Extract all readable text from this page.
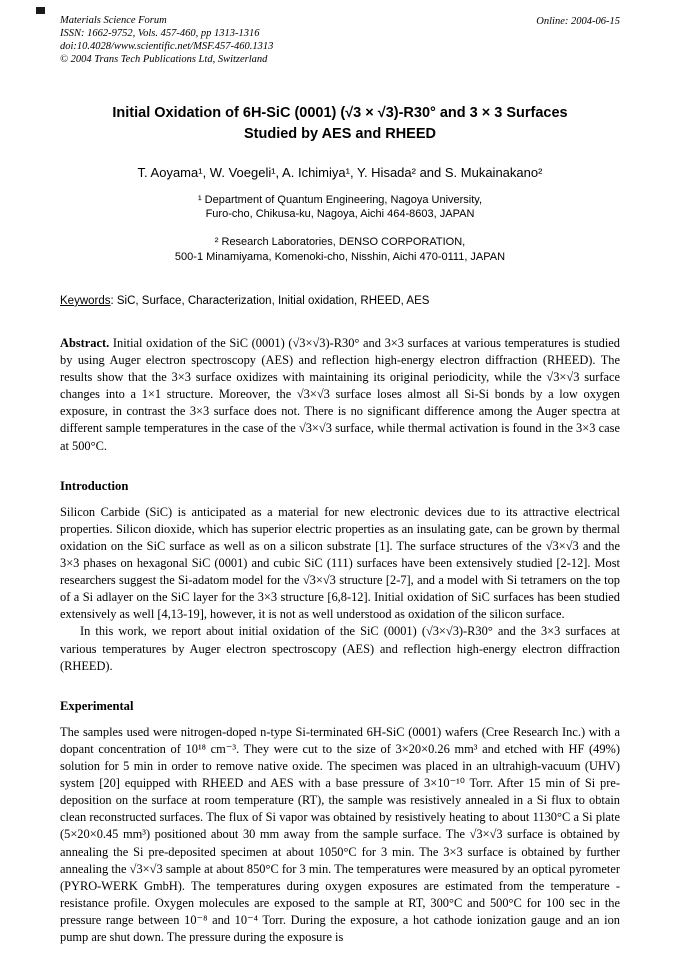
Materials Science Forum
ISSN: 1662-9752, Vols. 457-460, pp 1313-1316
doi:10.4028/www.scientific.net/MSF.457-460.1313
© 2004 Trans Tech Publications Ltd, Switzerland
Online: 2004-06-15
Initial Oxidation of 6H-SiC (0001) (√3 × √3)-R30° and 3 × 3 Surfaces
Studied by AES and RHEED
T. Aoyama¹, W. Voegeli¹, A. Ichimiya¹, Y. Hisada² and S. Mukainakano²
¹ Department of Quantum Engineering, Nagoya University,
Furo-cho, Chikusa-ku, Nagoya, Aichi 464-8603, JAPAN
² Research Laboratories, DENSO CORPORATION,
500-1 Minamiyama, Komenoki-cho, Nisshin, Aichi 470-0111, JAPAN
Keywords: SiC, Surface, Characterization, Initial oxidation, RHEED, AES

Abstract. Initial oxidation of the SiC (0001) (√3×√3)-R30° and 3×3 surfaces at various temperatures is studied by using Auger electron spectroscopy (AES) and reflection high-energy electron diffraction (RHEED). The results show that the 3×3 surface oxidizes with maintaining its original periodicity, while the √3×√3 surface changes into a 1×1 structure. Moreover, the √3×√3 surface loses almost all Si-Si bonds by a low oxygen exposure, in contrast the 3×3 surface does not. There is no significant difference among the Auger spectra at different sample temperatures in the case of the √3×√3 surface, while thermal activation is found in the 3×3 case at 500°C.

Introduction

Silicon Carbide (SiC) is anticipated as a material for new electronic devices due to its attractive electrical properties. Silicon dioxide, which has superior electric properties as an insulating gate, can be grown by thermal oxidation on the SiC surface as well as on a silicon substrate [1]. The surface structures of the √3×√3 and the 3×3 phases on hexagonal SiC (0001) and cubic SiC (111) surfaces have been extensively studied [2-12]. Most researchers suggest the Si-adatom model for the √3×√3 structure [2-7], and a model with Si tetramers on the top of a Si adlayer on the SiC layer for the 3×3 structure [6,8-12]. Initial oxidation of SiC surfaces has been studied extensively as well [4,13-19], however, it is not as well understood as oxidation of the silicon surface.

In this work, we report about initial oxidation of the SiC (0001) (√3×√3)-R30° and the 3×3 surfaces at various temperatures by Auger electron spectroscopy (AES) and reflection high-energy electron diffraction (RHEED).

Experimental

The samples used were nitrogen-doped n-type Si-terminated 6H-SiC (0001) wafers (Cree Research Inc.) with a dopant concentration of 10¹⁸ cm⁻³. They were cut to the size of 3×20×0.26 mm³ and etched with HF (49%) solution for 5 min in order to remove native oxide. The specimen was placed in an ultrahigh-vacuum (UHV) system [20] equipped with RHEED and AES with a base pressure of 3×10⁻¹⁰ Torr. After 15 min of Si pre-deposition on the surface at room temperature (RT), the sample was resistively annealed in a Si flux to obtain clean reconstructed surfaces. The flux of Si vapor was obtained by resistively heating to about 1130°C a Si plate (5×20×0.45 mm³) positioned about 30 mm away from the sample surface. The √3×√3 surface is obtained by annealing the Si pre-deposited specimen at about 1050°C for 3 min. The 3×3 surface is obtained by further annealing the √3×√3 sample at about 850°C for 3 min. The temperatures were measured by an optical pyrometer (PYRO-WERK GmbH). The temperatures during oxygen exposures are estimated from the temperature - resistance profile. Oxygen molecules are exposed to the sample at RT, 300°C and 500°C for 100 sec in the pressure range between 10⁻⁸ and 10⁻⁴ Torr. During the exposure, a hot cathode ionization gauge and an ion pump are shut down. The pressure during the exposure is
